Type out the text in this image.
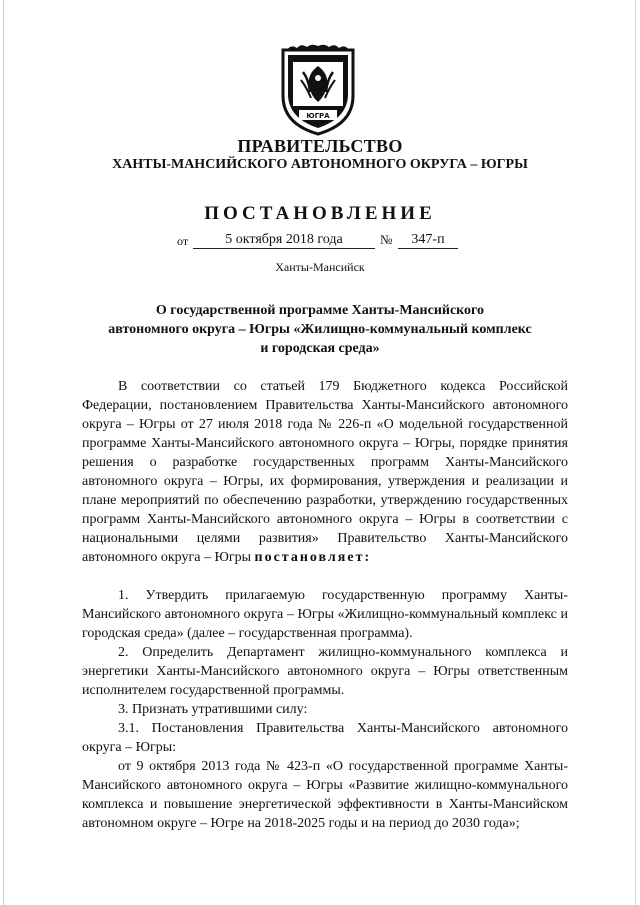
ЮГРА
ПРАВИТЕЛЬСТВО
ХАНТЫ-МАНСИЙСКОГО АВТОНОМНОГО ОКРУГА – ЮГРЫ
ПОСТАНОВЛЕНИЕ
от	5 октября 2018 года	№	347-п
Ханты-Мансийск
О государственной программе Ханты-Мансийского
автономного округа – Югры «Жилищно-коммунальный комплекс
и городская среда»

В соответствии со статьей 179 Бюджетного кодекса Российской Федерации, постановлением Правительства Ханты-Мансийского автономного округа – Югры от 27 июля 2018 года № 226-п «О модельной государственной программе Ханты-Мансийского автономного округа – Югры, порядке принятия решения о разработке государственных программ Ханты-Мансийского автономного округа – Югры, их формирования, утверждения и реализации и плане мероприятий по обеспечению разработки, утверждению государственных программ Ханты-Мансийского автономного округа – Югры в соответствии с национальными целями развития» Правительство Ханты-Мансийского автономного округа – Югры постановляет:

1. Утвердить прилагаемую государственную программу Ханты-Мансийского автономного округа – Югры «Жилищно-коммунальный комплекс и городская среда» (далее – государственная программа).

2. Определить Департамент жилищно-коммунального комплекса и энергетики Ханты-Мансийского автономного округа – Югры ответственным исполнителем государственной программы.

3. Признать утратившими силу:

3.1. Постановления Правительства Ханты-Мансийского автономного округа – Югры:

от 9 октября 2013 года № 423-п «О государственной программе Ханты-Мансийского автономного округа – Югры «Развитие жилищно-коммунального комплекса и повышение энергетической эффективности в Ханты-Мансийском автономном округе – Югре на 2018-2025 годы и на период до 2030 года»;
